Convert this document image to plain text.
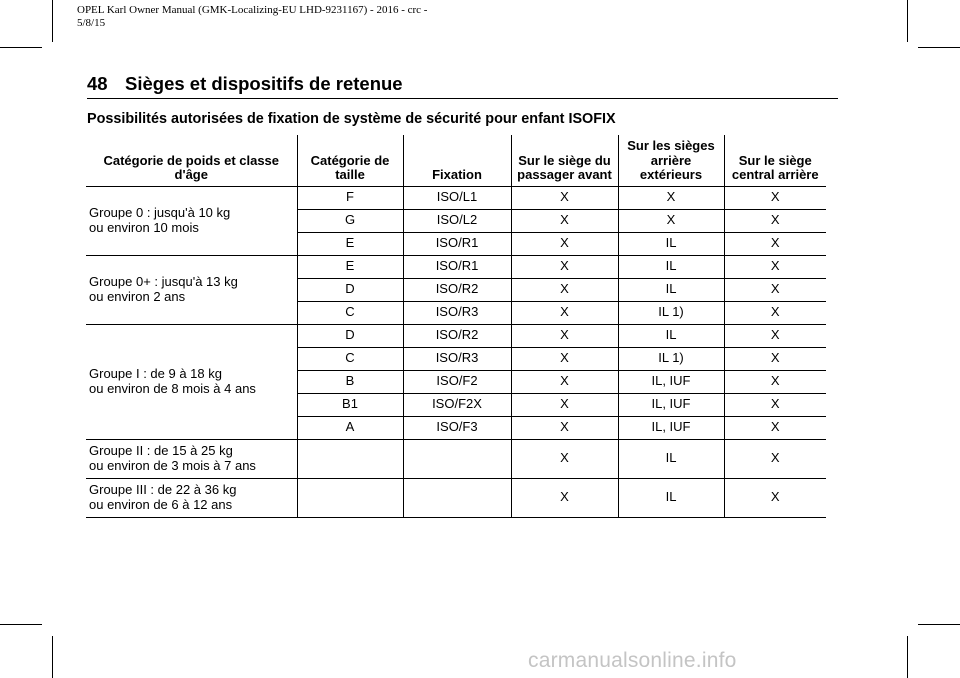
OPEL Karl Owner Manual (GMK-Localizing-EU LHD-9231167) - 2016 - crc -
5/8/15
48 Sièges et dispositifs de retenue
Possibilités autorisées de fixation de système de sécurité pour enfant ISOFIX
Catégorie de poids et classe d'âge	Catégorie de taille	Fixation	Sur le siège du passager avant	Sur les sièges arrière extérieurs	Sur le siège central arrière

Groupe 0 : jusqu'à 10 kg
ou environ 10 mois	F	ISO/L1	X	X	X
	G	ISO/L2	X	X	X
	E	ISO/R1	X	IL	X

Groupe 0+ : jusqu'à 13 kg
ou environ 2 ans	E	ISO/R1	X	IL	X
	D	ISO/R2	X	IL	X
	C	ISO/R3	X	IL 1)	X

Groupe I : de 9 à 18 kg
ou environ de 8 mois à 4 ans	D	ISO/R2	X	IL	X
	C	ISO/R3	X	IL 1)	X
	B	ISO/F2	X	IL, IUF	X
	B1	ISO/F2X	X	IL, IUF	X
	A	ISO/F3	X	IL, IUF	X

Groupe II : de 15 à 25 kg
ou environ de 3 mois à 7 ans			X	IL	X

Groupe III : de 22 à 36 kg
ou environ de 6 à 12 ans			X	IL	X
carmanualsonline.info
